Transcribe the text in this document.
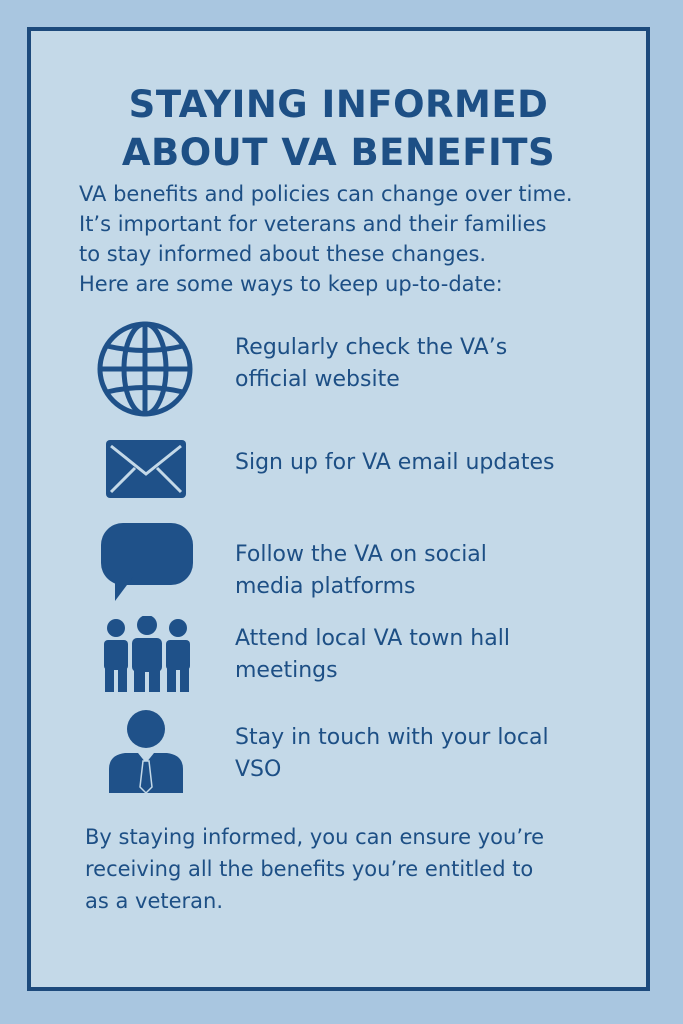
STAYING INFORMED
ABOUT VA BENEFITS
VA benefits and policies can change over time.
It’s important for veterans and their families
to stay informed about these changes.
Here are some ways to keep up-to-date:
Regularly check the VA’s
official website
Sign up for VA email updates
Follow the VA on social
media platforms
Attend local VA town hall
meetings
Stay in touch with your local
VSO
By staying informed, you can ensure you’re
receiving all the benefits you’re entitled to
as a veteran.
